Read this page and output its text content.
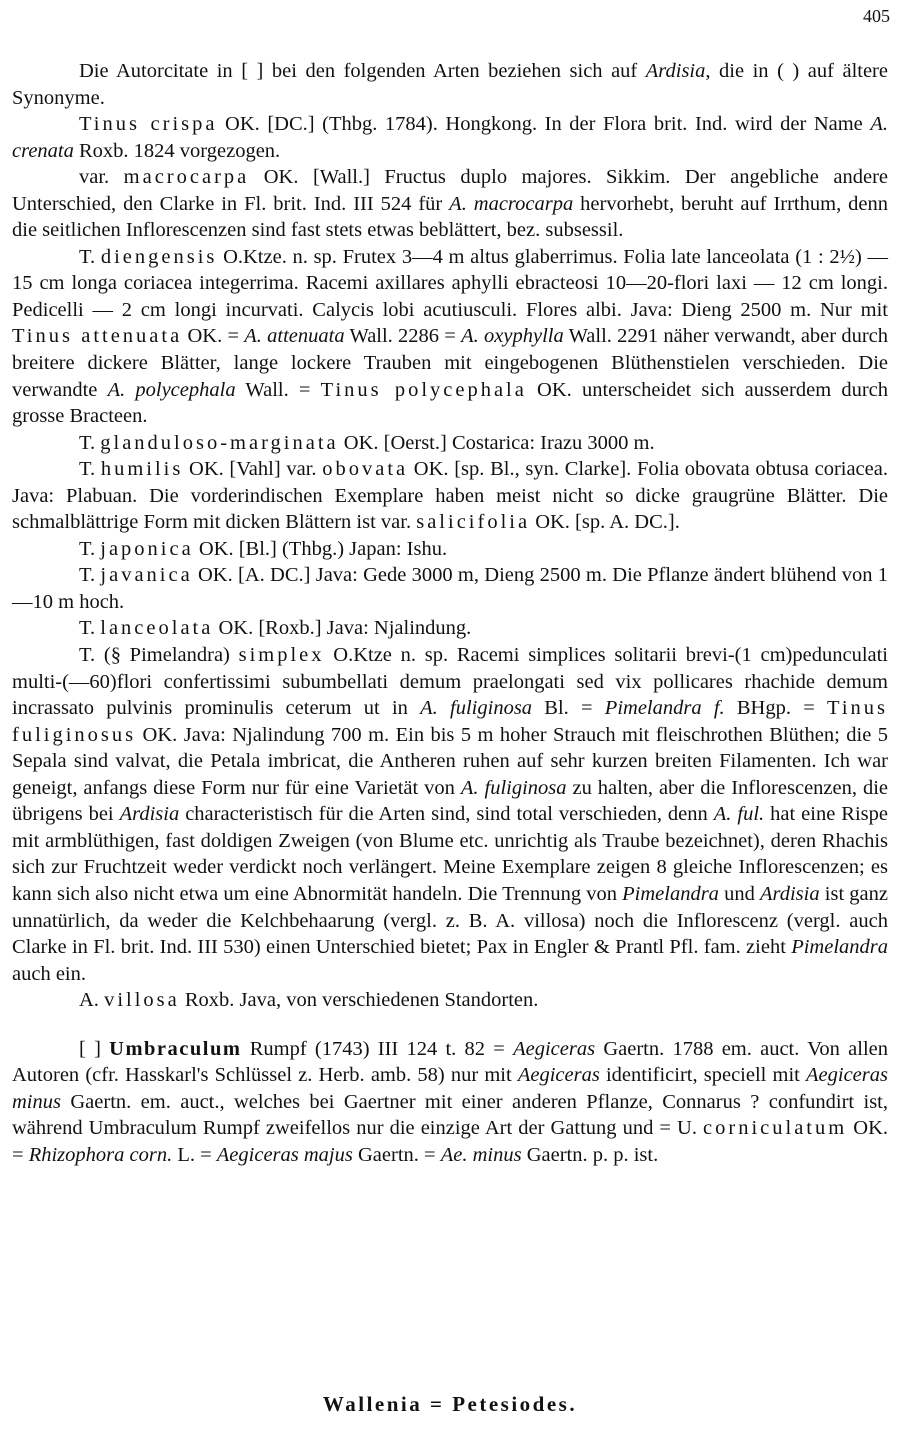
405

Die Autorcitate in [ ] bei den folgenden Arten beziehen sich auf Ardisia, die in ( ) auf ältere Synonyme.

Tinus crispa OK. [DC.] (Thbg. 1784). Hongkong. In der Flora brit. Ind. wird der Name A. crenata Roxb. 1824 vorgezogen.

var. macrocarpa OK. [Wall.] Fructus duplo majores. Sikkim. Der angebliche andere Unterschied, den Clarke in Fl. brit. Ind. III 524 für A. macrocarpa hervorhebt, beruht auf Irrthum, denn die seitlichen Inflorescenzen sind fast stets etwas beblättert, bez. subsessil.

T. diengensis O.Ktze. n. sp. Frutex 3—4 m altus glaberrimus. Folia late lanceolata (1 : 2½) — 15 cm longa coriacea integerrima. Racemi axillares aphylli ebracteosi 10—20-flori laxi — 12 cm longi. Pedicelli — 2 cm longi incurvati. Calycis lobi acutiusculi. Flores albi. Java: Dieng 2500 m. Nur mit Tinus attenuata OK. = A. attenuata Wall. 2286 = A. oxyphylla Wall. 2291 näher verwandt, aber durch breitere dickere Blätter, lange lockere Trauben mit eingebogenen Blüthenstielen verschieden. Die verwandte A. polycephala Wall. = Tinus polycephala OK. unterscheidet sich ausserdem durch grosse Bracteen.

T. glanduloso-marginata OK. [Oerst.] Costarica: Irazu 3000 m.

T. humilis OK. [Vahl] var. obovata OK. [sp. Bl., syn. Clarke]. Folia obovata obtusa coriacea. Java: Plabuan. Die vorderindischen Exemplare haben meist nicht so dicke graugrüne Blätter. Die schmalblättrige Form mit dicken Blättern ist var. salicifolia OK. [sp. A. DC.].

T. japonica OK. [Bl.] (Thbg.) Japan: Ishu.

T. javanica OK. [A. DC.] Java: Gede 3000 m, Dieng 2500 m. Die Pflanze ändert blühend von 1—10 m hoch.

T. lanceolata OK. [Roxb.] Java: Njalindung.

T. (§ Pimelandra) simplex O.Ktze n. sp. Racemi simplices solitarii brevi-(1 cm)pedunculati multi-(—60)flori confertissimi subumbellati demum praelongati sed vix pollicares rhachide demum incrassato pulvinis prominulis ceterum ut in A. fuliginosa Bl. = Pimelandra f. BHgp. = Tinus fuliginosus OK. Java: Njalindung 700 m. Ein bis 5 m hoher Strauch mit fleischrothen Blüthen; die 5 Sepala sind valvat, die Petala imbricat, die Antheren ruhen auf sehr kurzen breiten Filamenten. Ich war geneigt, anfangs diese Form nur für eine Varietät von A. fuliginosa zu halten, aber die Inflorescenzen, die übrigens bei Ardisia characteristisch für die Arten sind, sind total verschieden, denn A. ful. hat eine Rispe mit armblüthigen, fast doldigen Zweigen (von Blume etc. unrichtig als Traube bezeichnet), deren Rhachis sich zur Fruchtzeit weder verdickt noch verlängert. Meine Exemplare zeigen 8 gleiche Inflorescenzen; es kann sich also nicht etwa um eine Abnormität handeln. Die Trennung von Pimelandra und Ardisia ist ganz unnatürlich, da weder die Kelchbehaarung (vergl. z. B. A. villosa) noch die Inflorescenz (vergl. auch Clarke in Fl. brit. Ind. III 530) einen Unterschied bietet; Pax in Engler & Prantl Pfl. fam. zieht Pimelandra auch ein.

A. villosa Roxb. Java, von verschiedenen Standorten.

[ ] Umbraculum Rumpf (1743) III 124 t. 82 = Aegiceras Gaertn. 1788 em. auct. Von allen Autoren (cfr. Hasskarl's Schlüssel z. Herb. amb. 58) nur mit Aegiceras identificirt, speciell mit Aegiceras minus Gaertn. em. auct., welches bei Gaertner mit einer anderen Pflanze, Connarus ? confundirt ist, während Umbraculum Rumpf zweifellos nur die einzige Art der Gattung und = U. corniculatum OK. = Rhizophora corn. L. = Aegiceras majus Gaertn. = Ae. minus Gaertn. p. p. ist.

Wallenia = Petesiodes.
